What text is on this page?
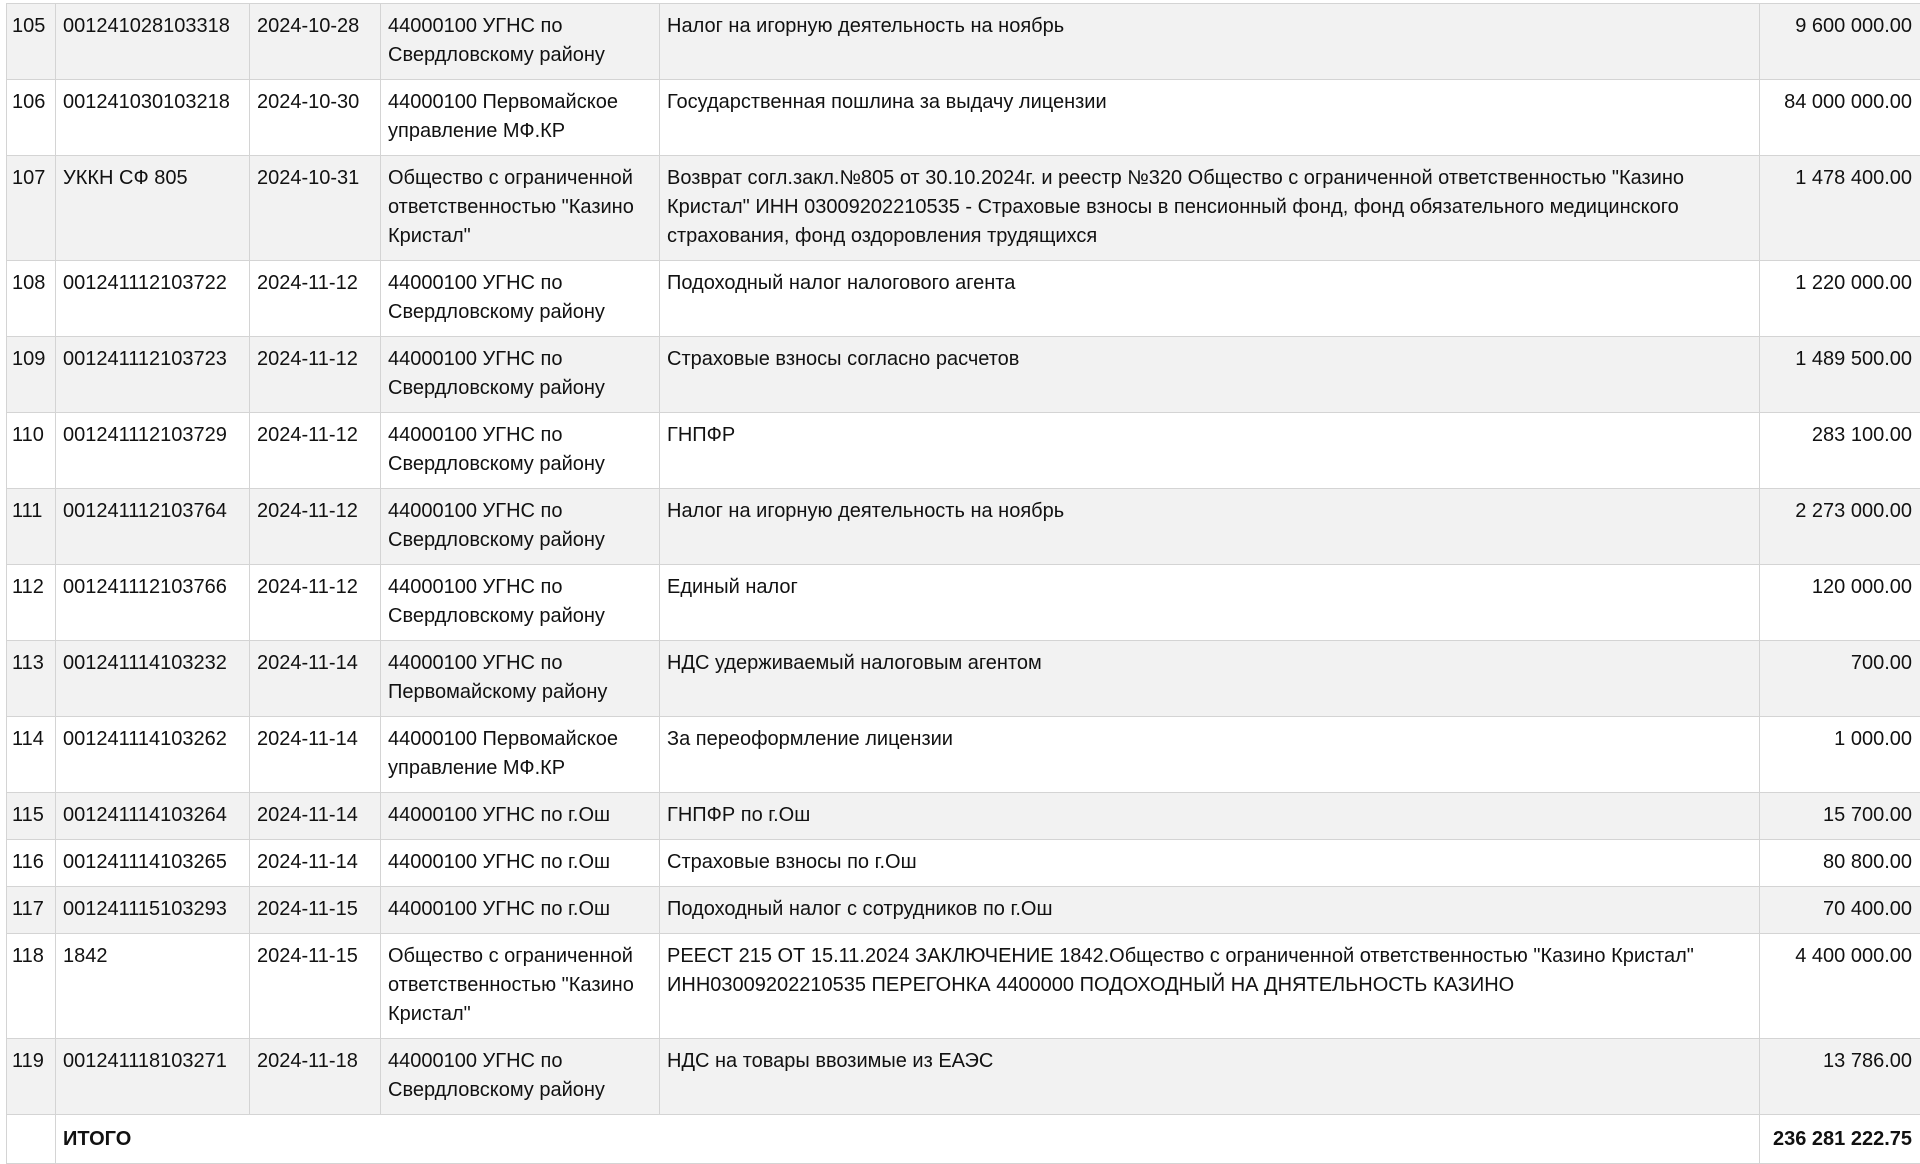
105	001241028103318	2024-10-28	44000100 УГНС по Свердловскому району	Налог на игорную деятельность на ноябрь	9 600 000.00
106	001241030103218	2024-10-30	44000100 Первомайское управление МФ.КР	Государственная пошлина за выдачу лицензии	84 000 000.00
107	УККН СФ 805	2024-10-31	Общество с ограниченной ответственностью "Казино Кристал"	Возврат согл.закл.№805 от 30.10.2024г. и реестр №320 Общество с ограниченной ответственностью "Казино Кристал" ИНН 03009202210535 - Страховые взносы в пенсионный фонд, фонд обязательного медицинского страхования, фонд оздоровления трудящихся	1 478 400.00
108	001241112103722	2024-11-12	44000100 УГНС по Свердловскому району	Подоходный налог налогового агента	1 220 000.00
109	001241112103723	2024-11-12	44000100 УГНС по Свердловскому району	Страховые взносы согласно расчетов	1 489 500.00
110	001241112103729	2024-11-12	44000100 УГНС по Свердловскому району	ГНПФР	283 100.00
111	001241112103764	2024-11-12	44000100 УГНС по Свердловскому району	Налог на игорную деятельность на ноябрь	2 273 000.00
112	001241112103766	2024-11-12	44000100 УГНС по Свердловскому району	Единый налог	120 000.00
113	001241114103232	2024-11-14	44000100 УГНС по Первомайскому району	НДС удерживаемый налоговым агентом	700.00
114	001241114103262	2024-11-14	44000100 Первомайское управление МФ.КР	За переоформление лицензии	1 000.00
115	001241114103264	2024-11-14	44000100 УГНС по г.Ош	ГНПФР по г.Ош	15 700.00
116	001241114103265	2024-11-14	44000100 УГНС по г.Ош	Страховые взносы по г.Ош	80 800.00
117	001241115103293	2024-11-15	44000100 УГНС по г.Ош	Подоходный налог с сотрудников по г.Ош	70 400.00
118	1842	2024-11-15	Общество с ограниченной ответственностью "Казино Кристал"	РЕЕСТ 215 ОТ 15.11.2024 ЗАКЛЮЧЕНИЕ 1842.Общество с ограниченной ответственностью "Казино Кристал" ИНН03009202210535 ПЕРЕГОНКА 4400000 ПОДОХОДНЫЙ НА ДНЯТЕЛЬНОСТЬ КАЗИНО	4 400 000.00
119	001241118103271	2024-11-18	44000100 УГНС по Свердловскому району	НДС на товары ввозимые из ЕАЭС	13 786.00
	ИТОГО				236 281 222.75
